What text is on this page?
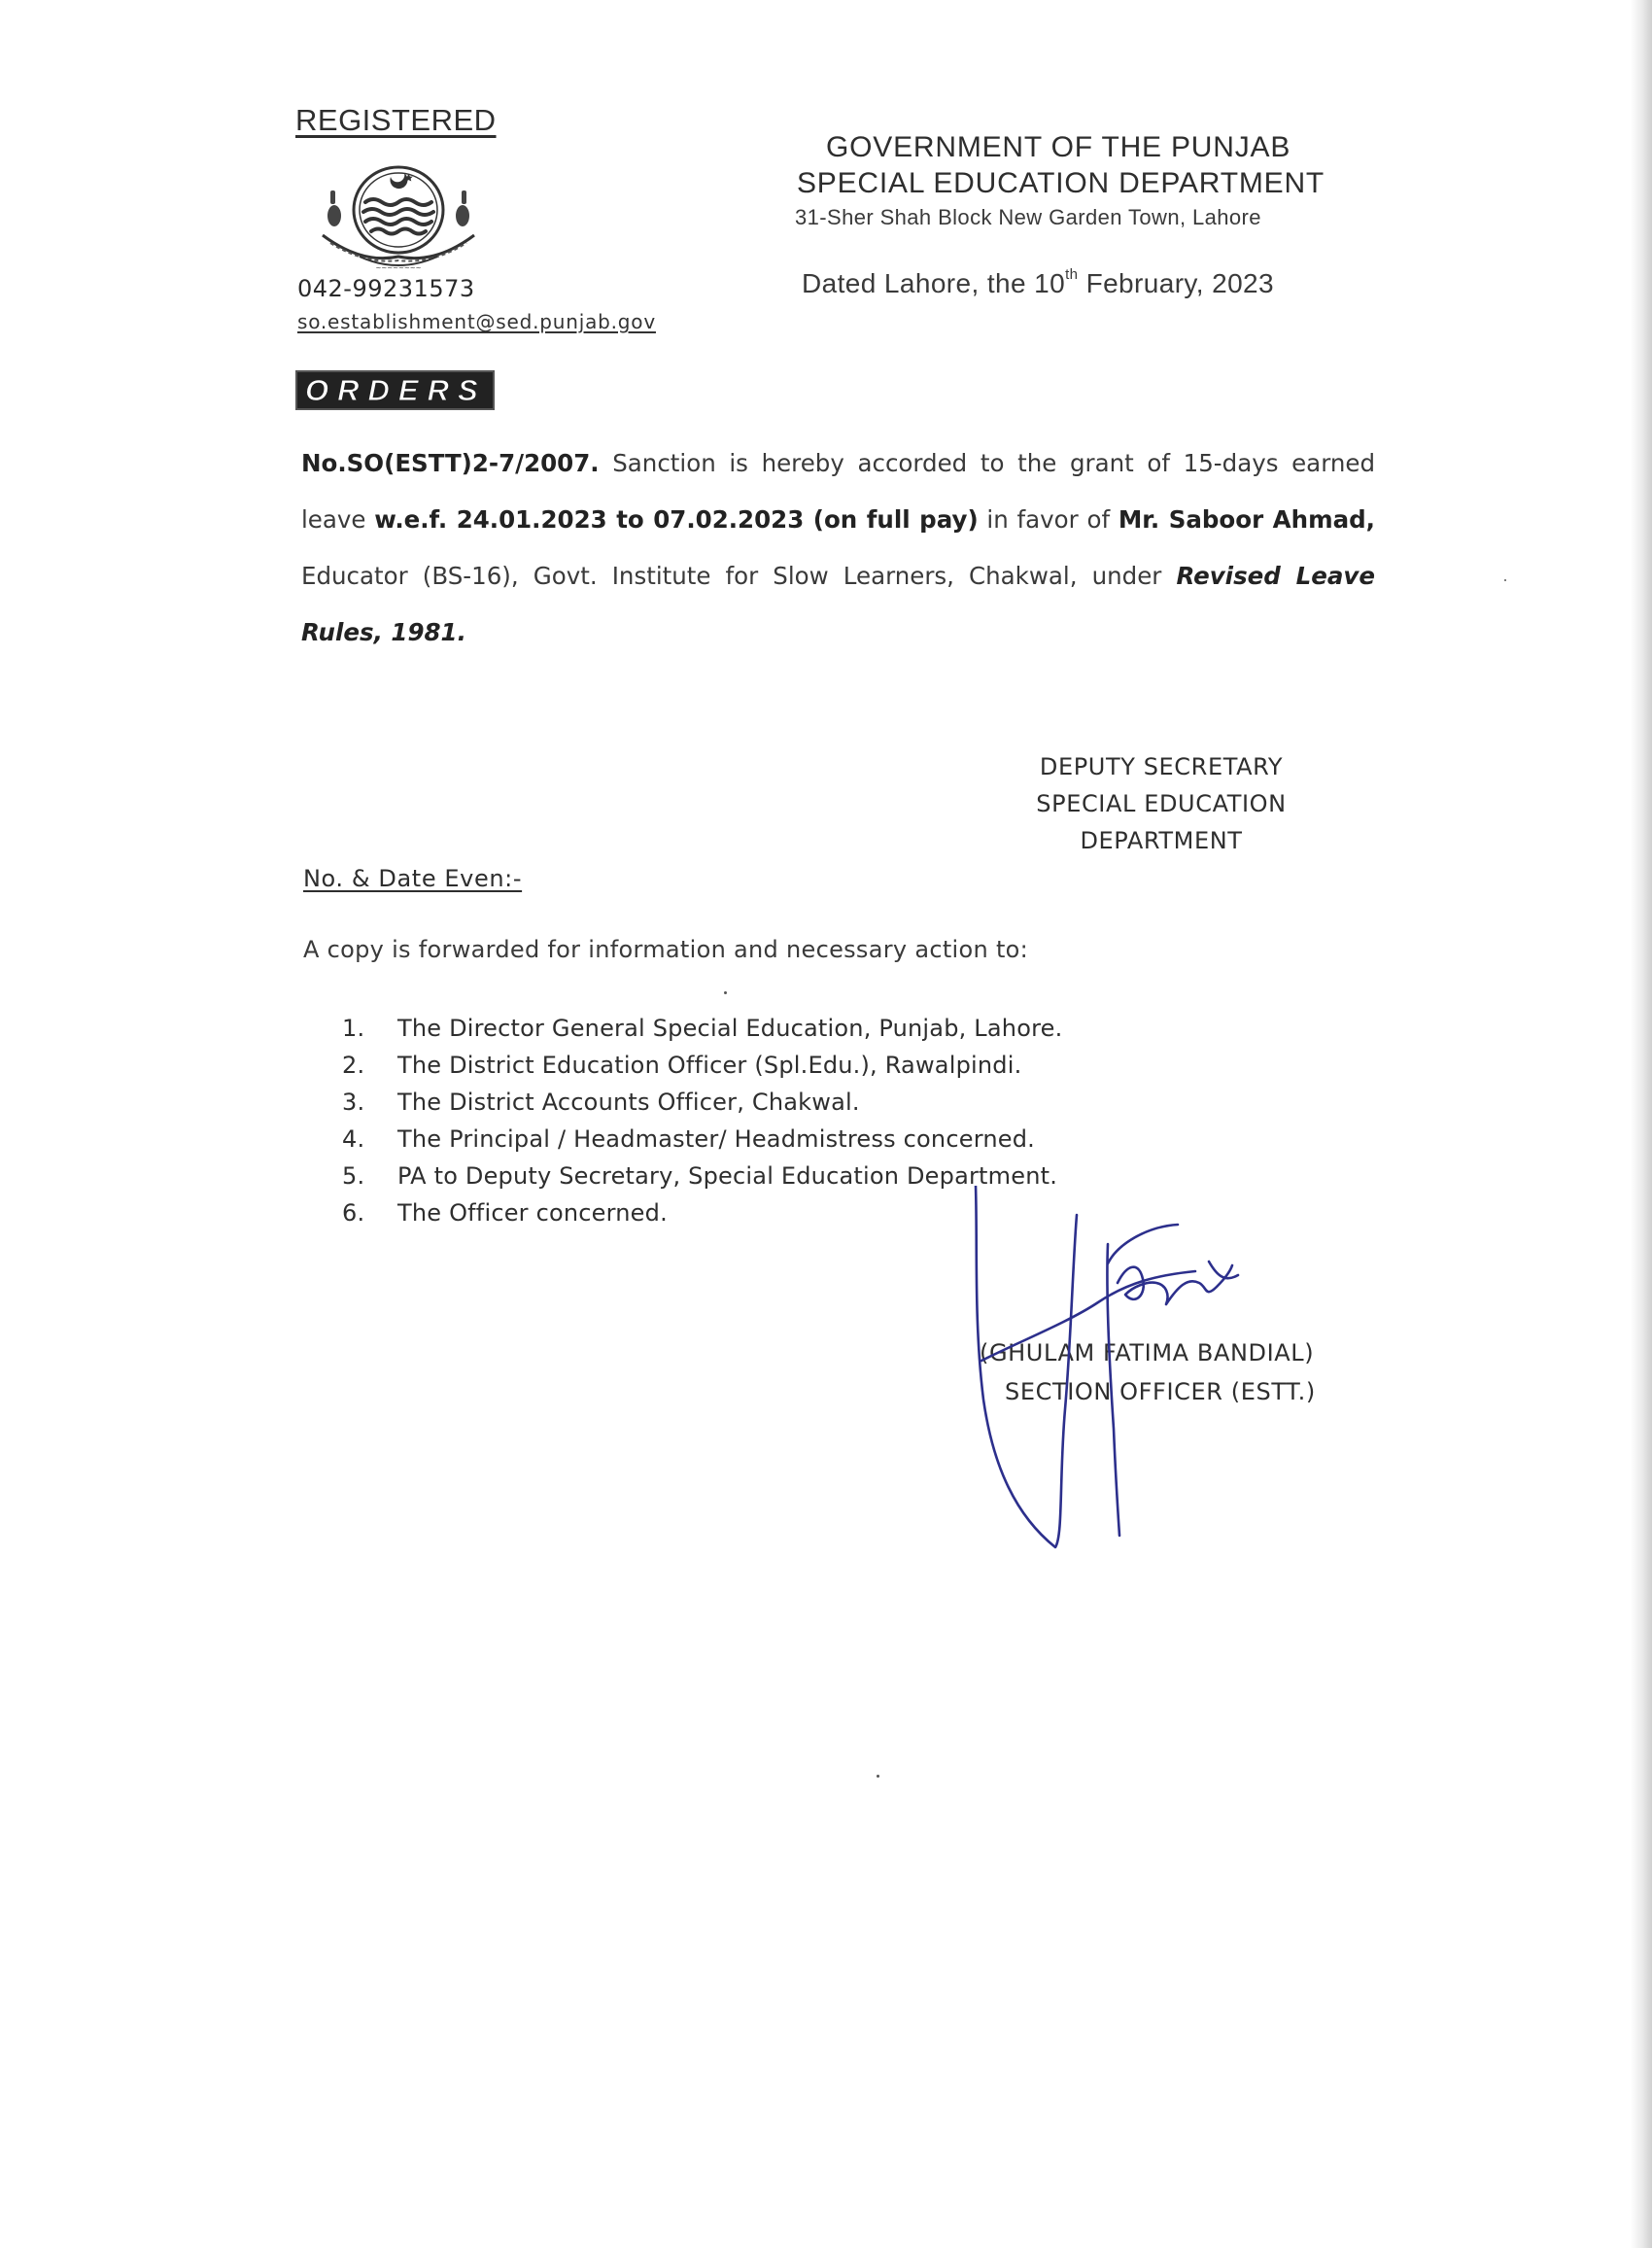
REGISTERED
~~~~~~~~
042-99231573
so.establishment@sed.punjab.gov
GOVERNMENT OF THE PUNJAB
SPECIAL EDUCATION DEPARTMENT
31-Sher Shah Block New Garden Town, Lahore
Dated Lahore, the 10th February, 2023
ORDERS
No.SO(ESTT)2-7/2007. Sanction is hereby accorded to the grant of 15-days earned leave w.e.f. 24.01.2023 to 07.02.2023 (on full pay) in favor of Mr. Saboor Ahmad, Educator (BS-16), Govt. Institute for Slow Learners, Chakwal, under Revised Leave Rules, 1981.
DEPUTY SECRETARY
SPECIAL EDUCATION
DEPARTMENT
No. & Date Even:-
A copy is forwarded for information and necessary action to:
1. The Director General Special Education, Punjab, Lahore.
2. The District Education Officer (Spl.Edu.), Rawalpindi.
3. The District Accounts Officer, Chakwal.
4. The Principal / Headmaster/ Headmistress concerned.
5. PA to Deputy Secretary, Special Education Department.
6. The Officer concerned.
(GHULAM FATIMA BANDIAL)
SECTION OFFICER (ESTT.)
